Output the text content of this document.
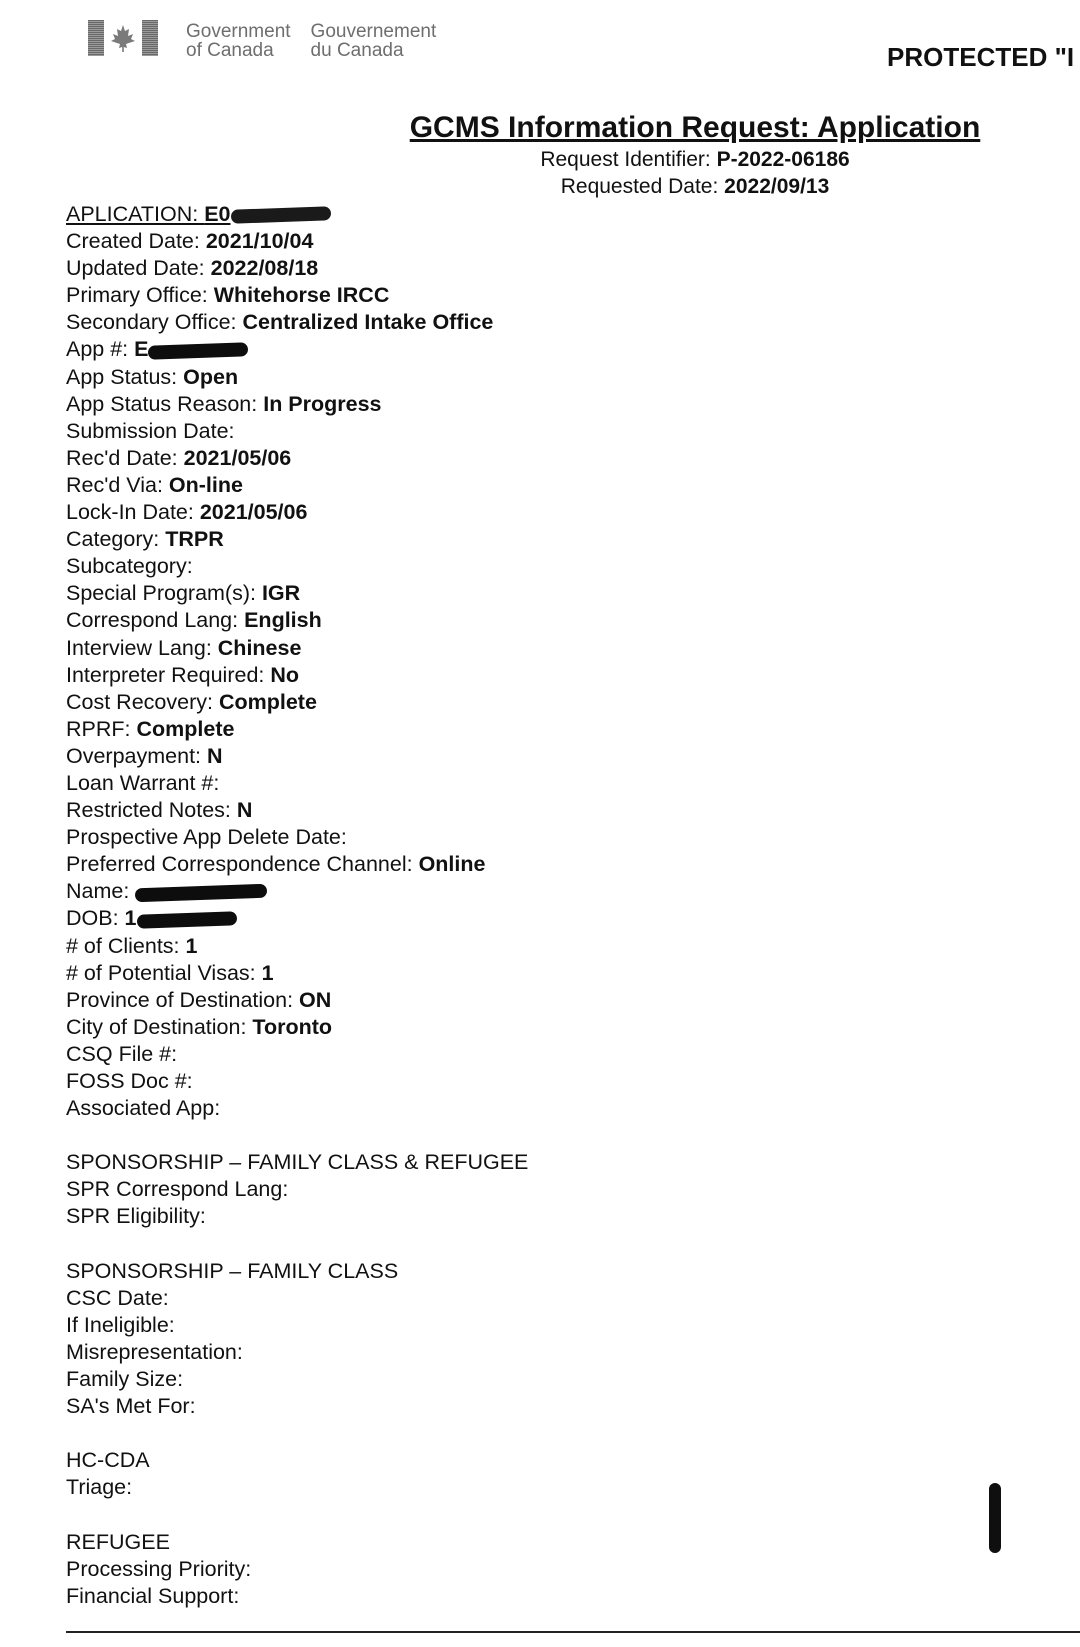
Government
of Canada
Gouvernement
du Canada	PROTECTED "I
GCMS Information Request: Application
Request Identifier: P-2022-06186
Requested Date: 2022/09/13
APLICATION: E0
Created Date: 2021/10/04
Updated Date: 2022/08/18
Primary Office: Whitehorse IRCC
Secondary Office: Centralized Intake Office
App #: E
App Status: Open
App Status Reason: In Progress
Submission Date:
Rec'd Date: 2021/05/06
Rec'd Via: On-line
Lock-In Date: 2021/05/06
Category: TRPR
Subcategory:
Special Program(s): IGR
Correspond Lang: English
Interview Lang: Chinese
Interpreter Required: No
Cost Recovery: Complete
RPRF: Complete
Overpayment: N
Loan Warrant #:
Restricted Notes: N
Prospective App Delete Date:
Preferred Correspondence Channel: Online
Name:
DOB: 1
# of Clients: 1
# of Potential Visas: 1
Province of Destination: ON
City of Destination: Toronto
CSQ File #:
FOSS Doc #:
Associated App:
SPONSORSHIP – FAMILY CLASS & REFUGEE
SPR Correspond Lang:
SPR Eligibility:
SPONSORSHIP – FAMILY CLASS
CSC Date:
If Ineligible:
Misrepresentation:
Family Size:
SA's Met For:
HC-CDA
Triage:
REFUGEE
Processing Priority:
Financial Support:
